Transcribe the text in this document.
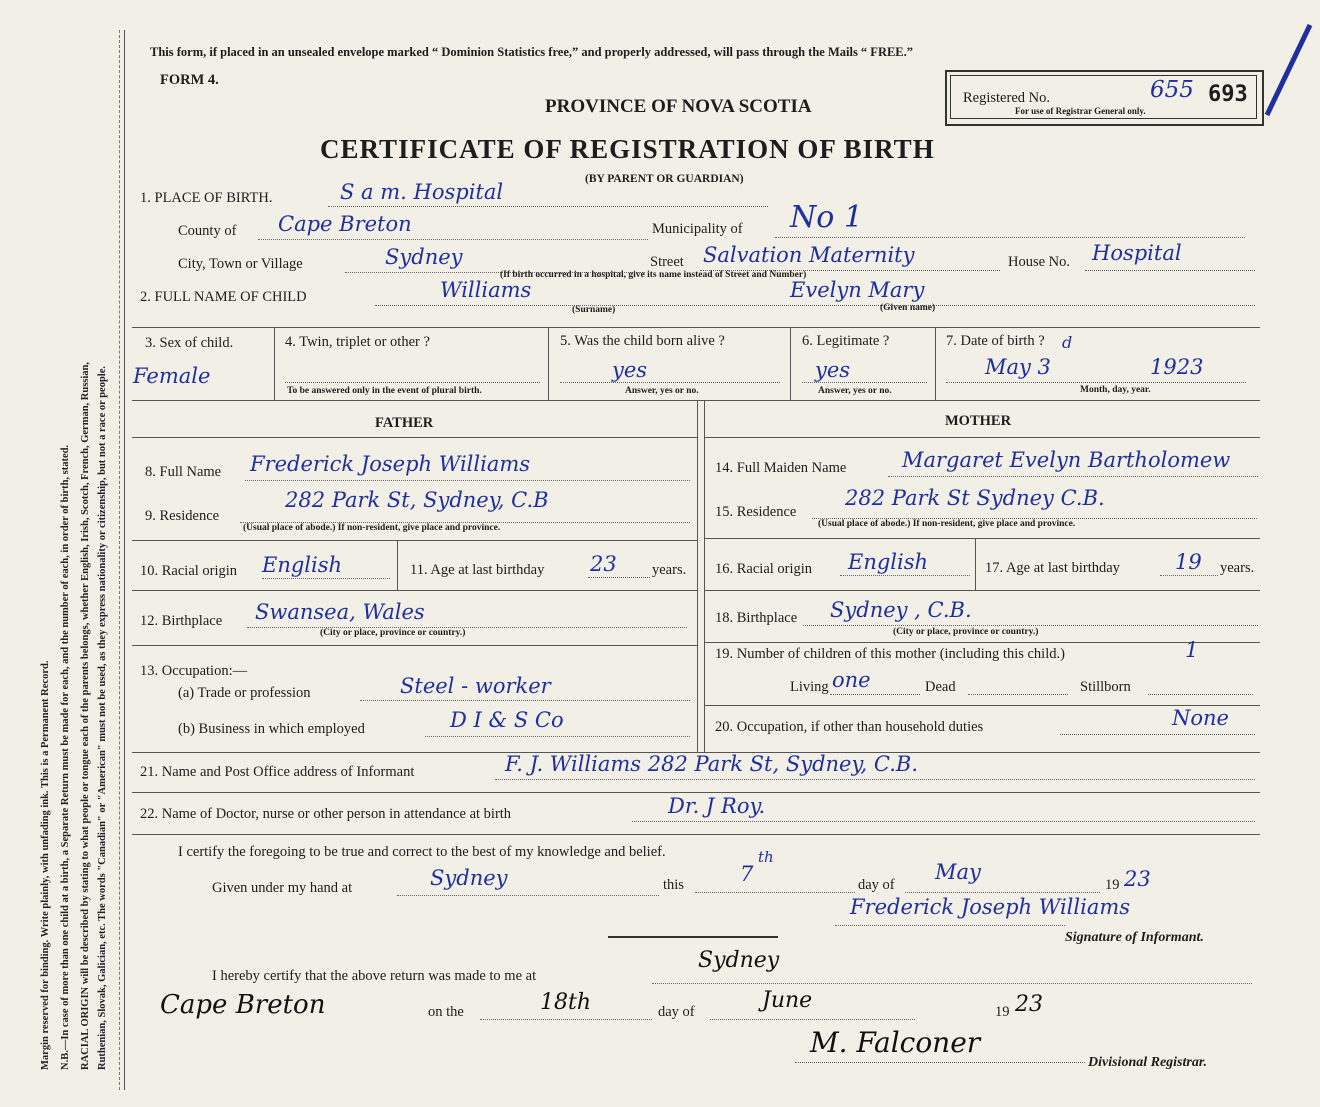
Margin reserved for binding. Write plainly, with unfading ink. This is a Permanent Record. N.B.—In case of more than one child at a birth, a Separate Return must be made for each, and the number of each, in order of birth, stated. RACIAL ORIGIN will be described by stating to what people or tongue each of the parents belongs, whether English, Irish, Scotch, French, German, Russian, Ruthenian, Slovak, Galician, etc. The words "Canadian" or "American" must not be used, as they express nationality or citizenship, but not a race or people.
This form, if placed in an unsealed envelope marked “ Dominion Statistics free,” and properly addressed, will pass through the Mails “ FREE.”
FORM 4.
PROVINCE OF NOVA SCOTIA
CERTIFICATE OF REGISTRATION OF BIRTH
(BY PARENT OR GUARDIAN)
Registered No.
For use of Registrar General only.
655 693
1. PLACE OF BIRTH.	S a m. Hospital
County of Cape Breton	Municipality of No 1
City, Town or Village	Sydney	Street Salvation Maternity	House No. Hospital
(If birth occurred in a hospital, give its name instead of Street and Number)
2. FULL NAME OF CHILD	Williams	Evelyn Mary
(Surname)	(Given name)
3. Sex of child.
Female
4. Twin, triplet or other ?
To be answered only in the event of plural birth.
5. Was the child born alive ?
yes
Answer, yes or no.
6. Legitimate ?
yes
Answer, yes or no.
7. Date of birth ?
May 3
d
1923
Month, day, year.
FATHER	MOTHER
8. Full Name Frederick Joseph Williams
9. Residence
282 Park St, Sydney, C.B
(Usual place of abode.) If non-resident, give place and province.
10. Racial origin English	11. Age at last birthday 23 years.
12. Birthplace Swansea, Wales
(City or place, province or country.)
13. Occupation:—
(a) Trade or profession	Steel - worker
(b) Business in which employed	D I & S Co
14. Full Maiden Name	Margaret Evelyn Bartholomew
15. Residence
282 Park St Sydney C.B.
(Usual place of abode.) If non-resident, give place and province.
16. Racial origin English	17. Age at last birthday	19 years.
18. Birthplace Sydney , C.B.
(City or place, province or country.)
19. Number of children of this mother (including this child.)	1
Living one	Dead	Stillborn
20. Occupation, if other than household duties	None
21. Name and Post Office address of Informant	F. J. Williams 282 Park St, Sydney, C.B.
22. Name of Doctor, nurse or other person in attendance at birth	Dr. J Roy.
I certify the foregoing to be true and correct to the best of my knowledge and belief.
Given under my hand at	Sydney	this	7
th
day of
May
19 23
Frederick Joseph Williams
Signature of Informant.
I hereby certify that the above return was made to me at
Sydney
Cape Breton	on the	18th	day of	June	19 23
M. Falconer
Divisional Registrar.
